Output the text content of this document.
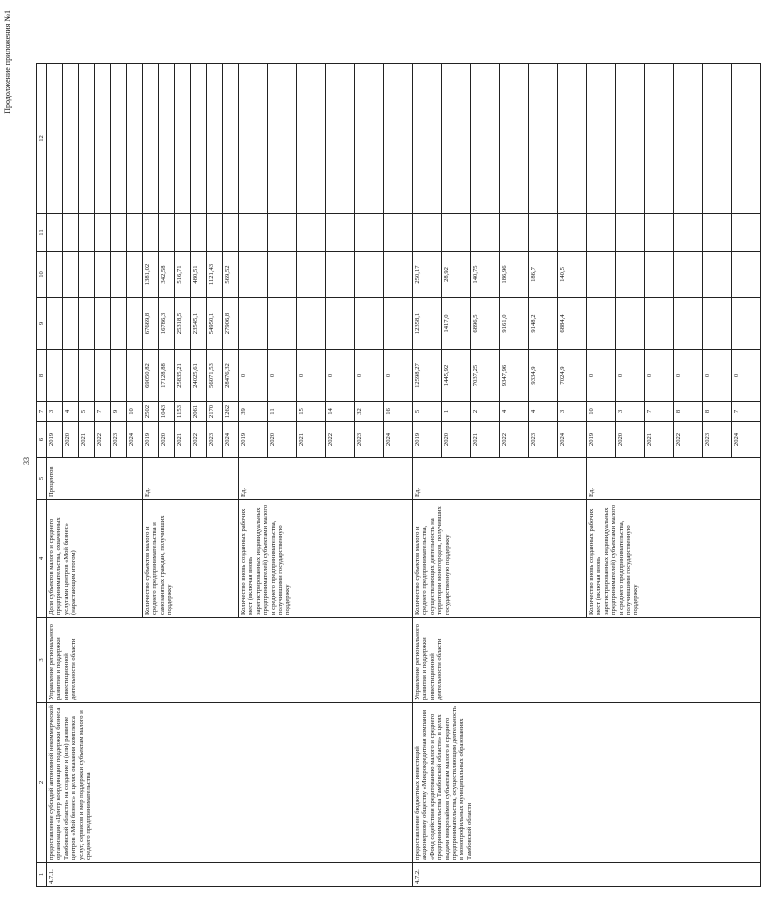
33
Продолжение приложения №1
1	2	3	4	5	6	7	8	9	10	11	12
4.7.1.	предоставление субсидий автономной некоммерческой организации «Центр координации поддержки бизнеса Тамбовской области» на создание и (или) развитие центров «Мой бизнес» в целях оказания комплекса услуг, сервисов и мер поддержки субъектам малого и среднего предпринимательства	Управление регионального развития и поддержки инвестиционной деятельности области	Доля субъектов малого и среднего предпринимательства, охваченных услугами центров «Мой бизнес» (нарастающим итогом)	Процентов	2019	3					
					2020	4					
					2021	5					
					2022	7					
					2023	9					
					2024	10					
			Количество субъектов малого и среднего предпринимательства и самозанятых граждан, получивших поддержку	Ед.	2019	2502	69050,82	67669,8	1381,02		
					2020	1043	17128,88	16786,3	342,58		
					2021	1153	25835,21	25318,5	516,71		
					2022	2061	24025,61	23545,1	480,51		
					2023	2170	56071,53	54950,1	1121,43		
					2024	1262	28476,32	27906,8	569,52		
			Количество вновь созданных рабочих мест (включая вновь зарегистрированных индивидуальных предпринимателей) субъектами малого и среднего предпринимательства, получившими государственную поддержку	Ед.	2019	39	0				
					2020	11	0				
					2021	15	0				
					2022	14	0				
					2023	32	0				
					2024	16	0				
4.7.2.	предоставление бюджетных инвестиций акционерному обществу «Микрокредитная компания «Фонд содействия кредитованию малого и среднего предпринимательства Тамбовской области» в целях выдачи микрозаймов субъектам малого и среднего предпринимательства, осуществляющим деятельность в монопрофильных муниципальных образованиях Тамбовской области	Управление регионального развития и поддержки инвестиционной деятельности области	Количество субъектов малого и среднего предпринимательства, осуществляющих деятельность на территории моногородов, получивших государственную поддержку	Ед.	2019	5	12598,27	12358,1	250,17		
					2020	1	1445,92	1417,0	28,92		
					2021	2	7037,25	6896,5	140,75		
					2022	4	9347,96	9161,0	186,96		
					2023	4	9334,9	9148,2	186,7		
					2024	3	7024,9	6884,4	140,5		
			Количество вновь созданных рабочих мест (включая вновь зарегистрированных индивидуальных предпринимателей) субъектами малого и среднего предпринимательства, получившими государственную поддержку	Ед.	2019	10	0				
					2020	3	0				
					2021	7	0				
					2022	8	0				
					2023	8	0				
					2024	7	0				
